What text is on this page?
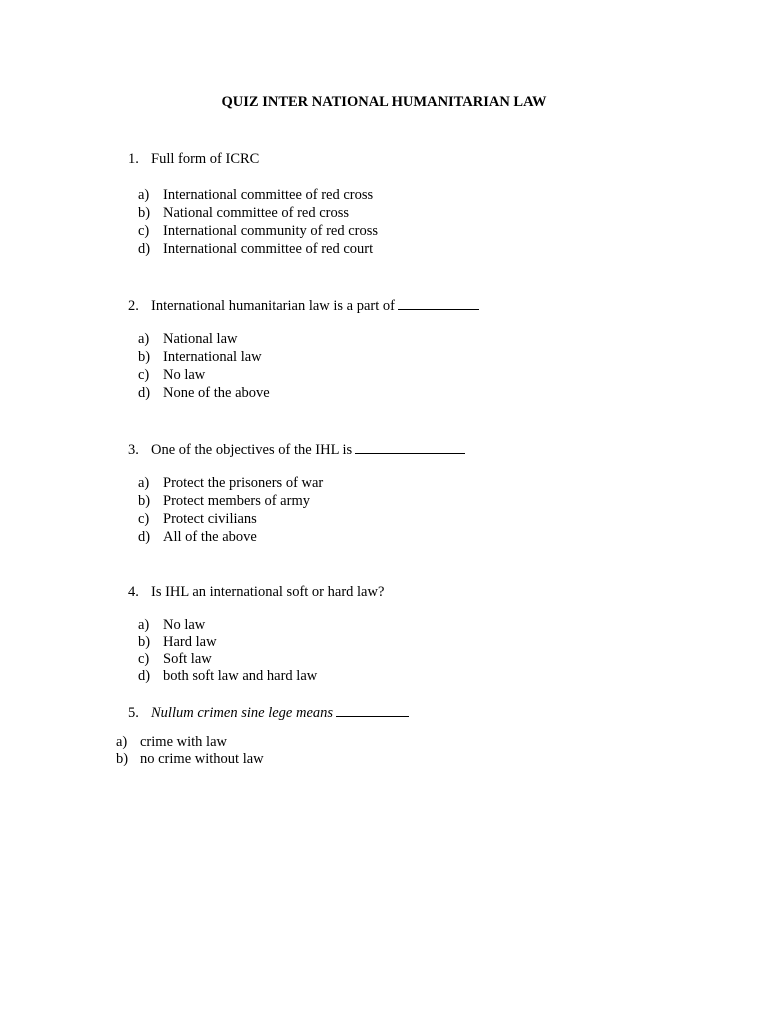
QUIZ INTER NATIONAL HUMANITARIAN LAW
1. Full form of ICRC
a) International committee of red cross
b) National committee of red cross
c) International community of red cross
d) International committee of red court
2. International humanitarian law is a part of
a) National law
b) International law
c) No law
d) None of the above
3. One of the objectives of the IHL is
a) Protect the prisoners of war
b) Protect members of army
c) Protect civilians
d) All of the above
4. Is IHL an international soft or hard law?
a) No law
b) Hard law
c) Soft law
d) both soft law and hard law
5. Nullum crimen sine lege means
a) crime with law
b) no crime without law
